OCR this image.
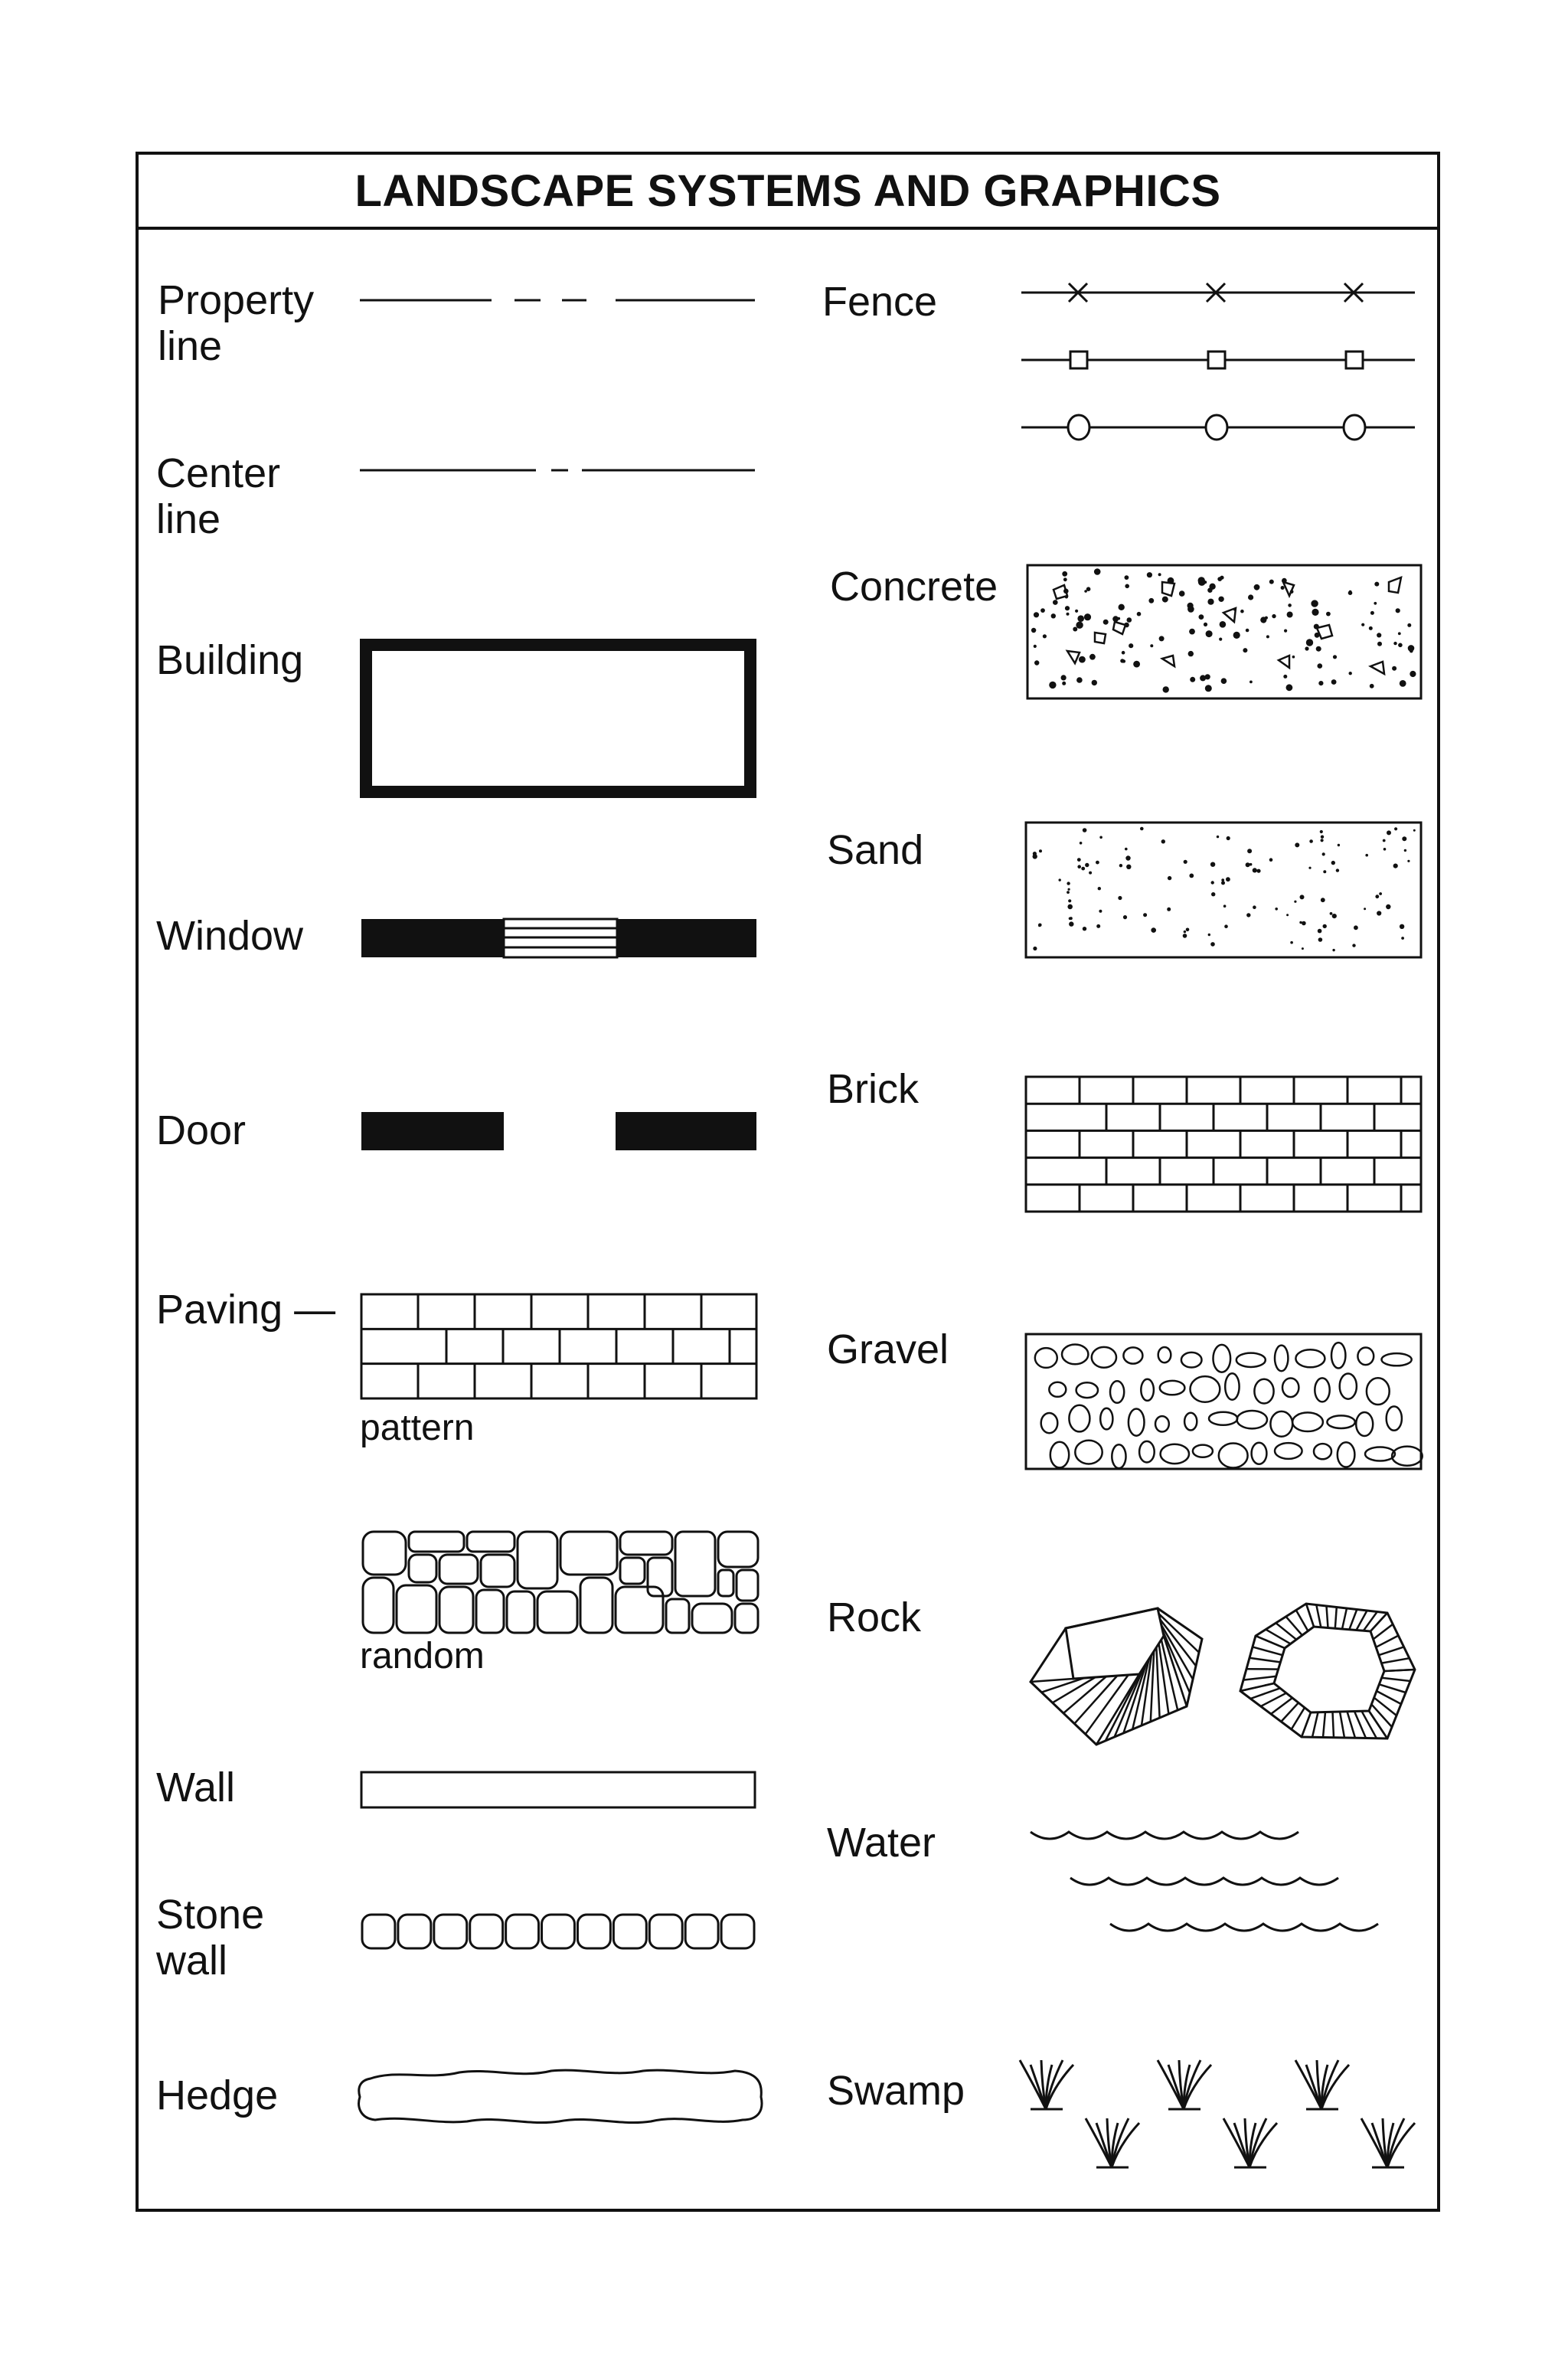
LANDSCAPE SYSTEMS AND GRAPHICS
Property
line
Center
line
Building
Window
Door
Paving —
pattern
random
Wall
Stone
wall
Hedge
Fence
Concrete
Sand
Brick
Gravel
Rock
Water
Swamp
